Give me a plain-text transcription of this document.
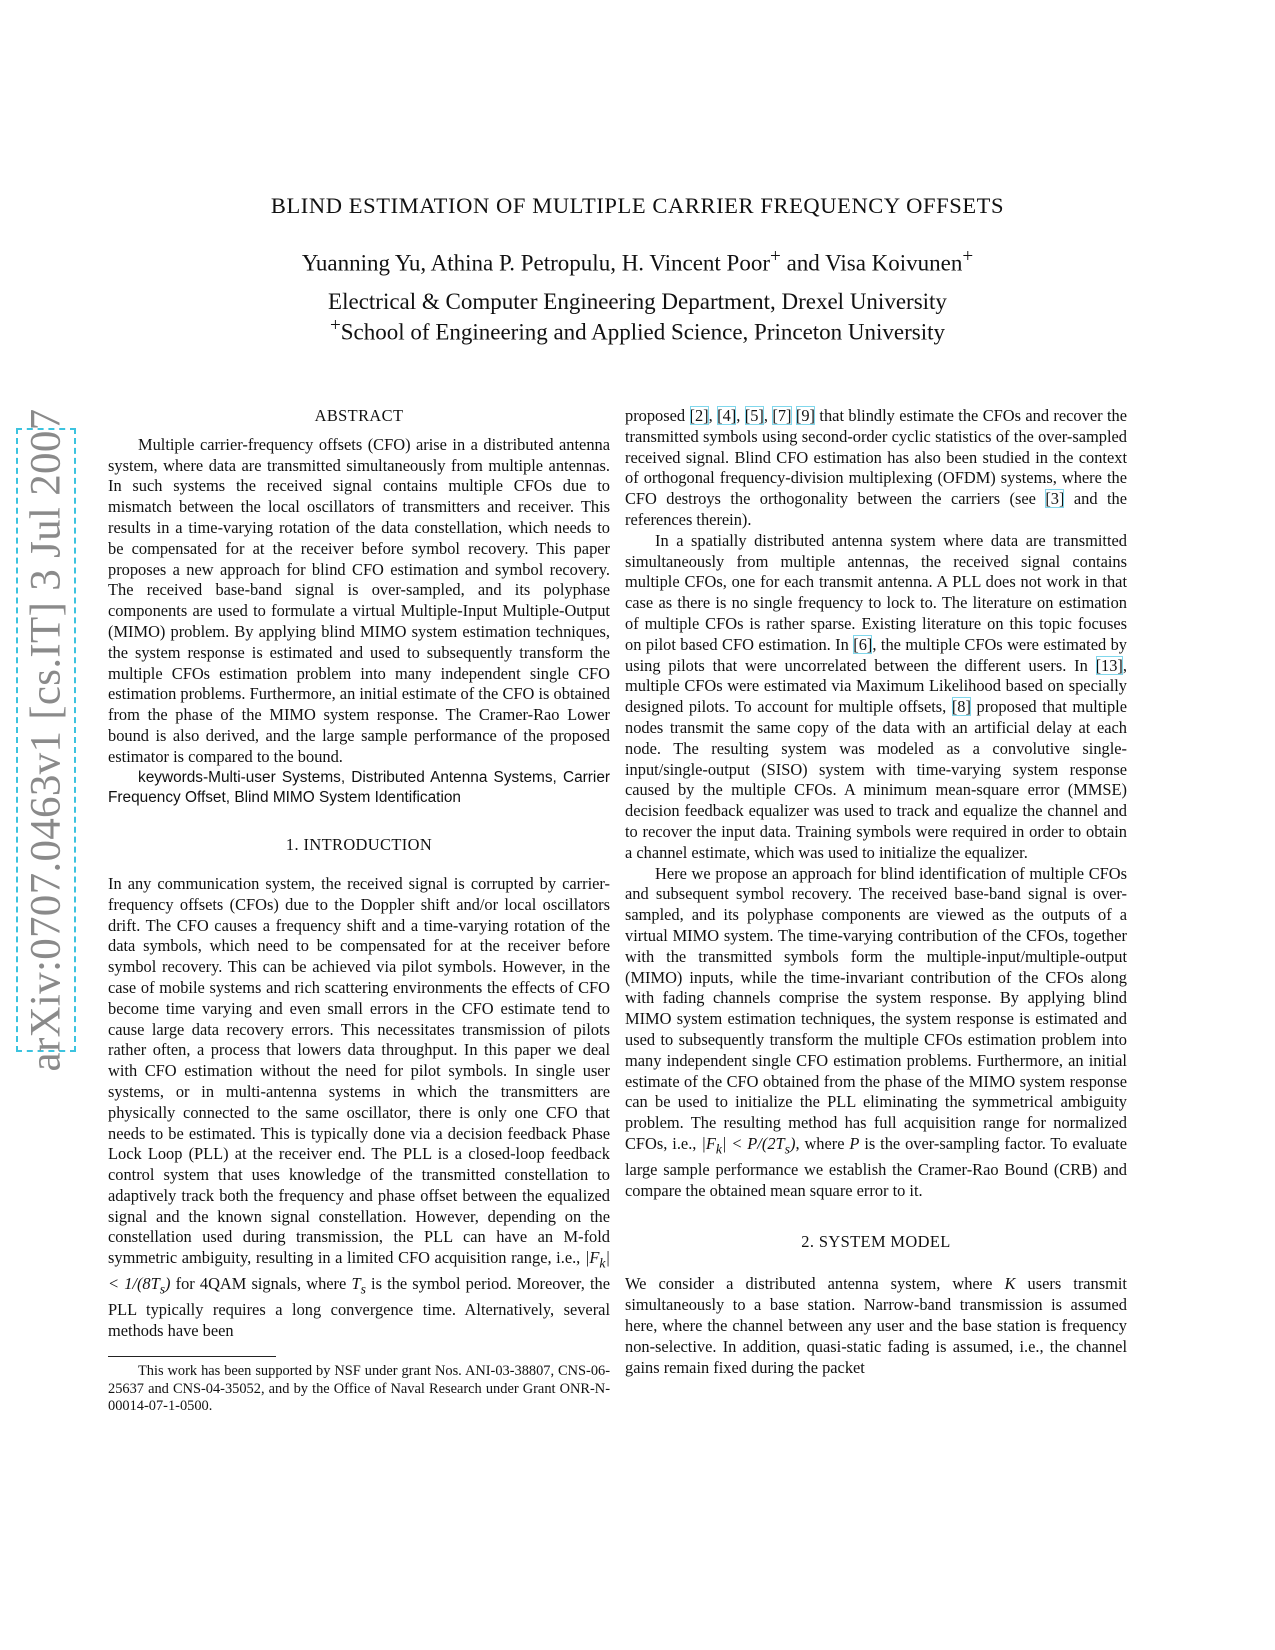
arXiv:0707.0463v1 [cs.IT] 3 Jul 2007
BLIND ESTIMATION OF MULTIPLE CARRIER FREQUENCY OFFSETS
Yuanning Yu, Athina P. Petropulu, H. Vincent Poor+ and Visa Koivunen+
Electrical & Computer Engineering Department, Drexel University
+School of Engineering and Applied Science, Princeton University
ABSTRACT

Multiple carrier-frequency offsets (CFO) arise in a distributed antenna system, where data are transmitted simultaneously from multiple antennas. In such systems the received signal contains multiple CFOs due to mismatch between the local oscillators of transmitters and receiver. This results in a time-varying rotation of the data constellation, which needs to be compensated for at the receiver before symbol recovery. This paper proposes a new approach for blind CFO estimation and symbol recovery. The received base-band signal is over-sampled, and its polyphase components are used to formulate a virtual Multiple-Input Multiple-Output (MIMO) problem. By applying blind MIMO system estimation techniques, the system response is estimated and used to subsequently transform the multiple CFOs estimation problem into many independent single CFO estimation problems. Furthermore, an initial estimate of the CFO is obtained from the phase of the MIMO system response. The Cramer-Rao Lower bound is also derived, and the large sample performance of the proposed estimator is compared to the bound.

keywords-Multi-user Systems, Distributed Antenna Systems, Carrier Frequency Offset, Blind MIMO System Identification

1. INTRODUCTION

In any communication system, the received signal is corrupted by carrier-frequency offsets (CFOs) due to the Doppler shift and/or local oscillators drift. The CFO causes a frequency shift and a time-varying rotation of the data symbols, which need to be compensated for at the receiver before symbol recovery. This can be achieved via pilot symbols. However, in the case of mobile systems and rich scattering environments the effects of CFO become time varying and even small errors in the CFO estimate tend to cause large data recovery errors. This necessitates transmission of pilots rather often, a process that lowers data throughput. In this paper we deal with CFO estimation without the need for pilot symbols. In single user systems, or in multi-antenna systems in which the transmitters are physically connected to the same oscillator, there is only one CFO that needs to be estimated. This is typically done via a decision feedback Phase Lock Loop (PLL) at the receiver end. The PLL is a closed-loop feedback control system that uses knowledge of the transmitted constellation to adaptively track both the frequency and phase offset between the equalized signal and the known signal constellation. However, depending on the constellation used during transmission, the PLL can have an M-fold symmetric ambiguity, resulting in a limited CFO acquisition range, i.e., $|F_k| < 1/(8T_s)$ for 4QAM signals, where $T_s$ is the symbol period. Moreover, the PLL typically requires a long convergence time. Alternatively, several methods have been

This work has been supported by NSF under grant Nos. ANI-03-38807, CNS-06-25637 and CNS-04-35052, and by the Office of Naval Research under Grant ONR-N-00014-07-1-0500.

proposed [2], [4], [5], [7] [9] that blindly estimate the CFOs and recover the transmitted symbols using second-order cyclic statistics of the over-sampled received signal. Blind CFO estimation has also been studied in the context of orthogonal frequency-division multiplexing (OFDM) systems, where the CFO destroys the orthogonality between the carriers (see [3] and the references therein).

In a spatially distributed antenna system where data are transmitted simultaneously from multiple antennas, the received signal contains multiple CFOs, one for each transmit antenna. A PLL does not work in that case as there is no single frequency to lock to. The literature on estimation of multiple CFOs is rather sparse. Existing literature on this topic focuses on pilot based CFO estimation. In [6], the multiple CFOs were estimated by using pilots that were uncorrelated between the different users. In [13], multiple CFOs were estimated via Maximum Likelihood based on specially designed pilots. To account for multiple offsets, [8] proposed that multiple nodes transmit the same copy of the data with an artificial delay at each node. The resulting system was modeled as a convolutive single-input/single-output (SISO) system with time-varying system response caused by the multiple CFOs. A minimum mean-square error (MMSE) decision feedback equalizer was used to track and equalize the channel and to recover the input data. Training symbols were required in order to obtain a channel estimate, which was used to initialize the equalizer.

Here we propose an approach for blind identification of multiple CFOs and subsequent symbol recovery. The received base-band signal is over-sampled, and its polyphase components are viewed as the outputs of a virtual MIMO system. The time-varying contribution of the CFOs, together with the transmitted symbols form the multiple-input/multiple-output (MIMO) inputs, while the time-invariant contribution of the CFOs along with fading channels comprise the system response. By applying blind MIMO system estimation techniques, the system response is estimated and used to subsequently transform the multiple CFOs estimation problem into many independent single CFO estimation problems. Furthermore, an initial estimate of the CFO obtained from the phase of the MIMO system response can be used to initialize the PLL eliminating the symmetrical ambiguity problem. The resulting method has full acquisition range for normalized CFOs, i.e., $|F_k| < P/(2T_s)$, where P is the over-sampling factor. To evaluate large sample performance we establish the Cramer-Rao Bound (CRB) and compare the obtained mean square error to it.

2. SYSTEM MODEL

We consider a distributed antenna system, where K users transmit simultaneously to a base station. Narrow-band transmission is assumed here, where the channel between any user and the base station is frequency non-selective. In addition, quasi-static fading is assumed, i.e., the channel gains remain fixed during the packet
